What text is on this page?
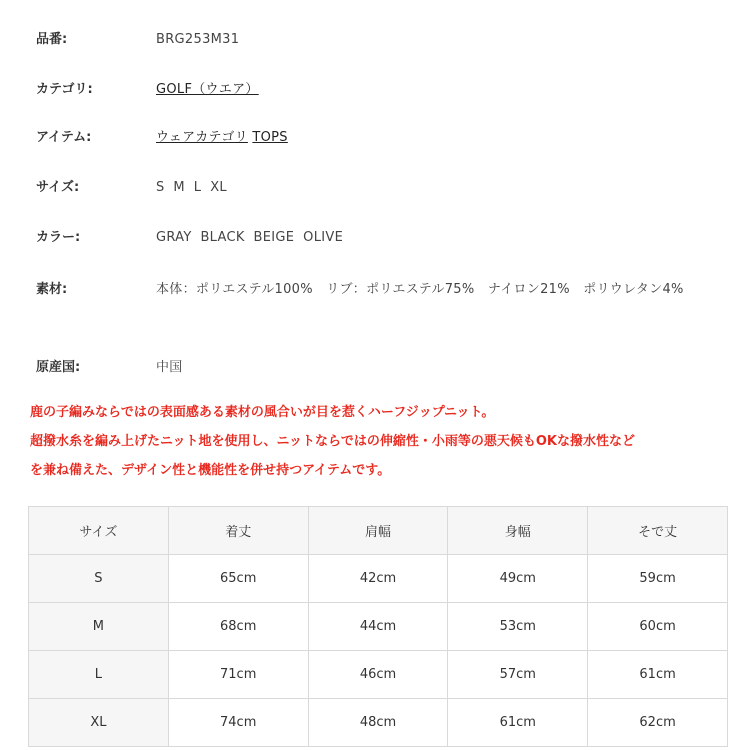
品番:	BRG253M31
カテゴリ:	GOLF（ウエア）
アイテム:	ウェアカテゴリ TOPS
サイズ:	S  M  L  XL
カラー:	GRAY  BLACK  BEIGE  OLIVE
素材:	本体：ポリエステル100%　リブ：ポリエステル75%　ナイロン21%　ポリウレタン4%
原産国:	中国

鹿の子編みならではの表面感ある素材の風合いが目を惹くハーフジップニット。

超撥水糸を編み上げたニット地を使用し、ニットならではの伸縮性・小雨等の悪天候もOKな撥水性など

を兼ね備えた、デザイン性と機能性を併せ持つアイテムです。

サイズ	着丈	肩幅	身幅	そで丈
S	65cm	42cm	49cm	59cm
M	68cm	44cm	53cm	60cm
L	71cm	46cm	57cm	61cm
XL	74cm	48cm	61cm	62cm
